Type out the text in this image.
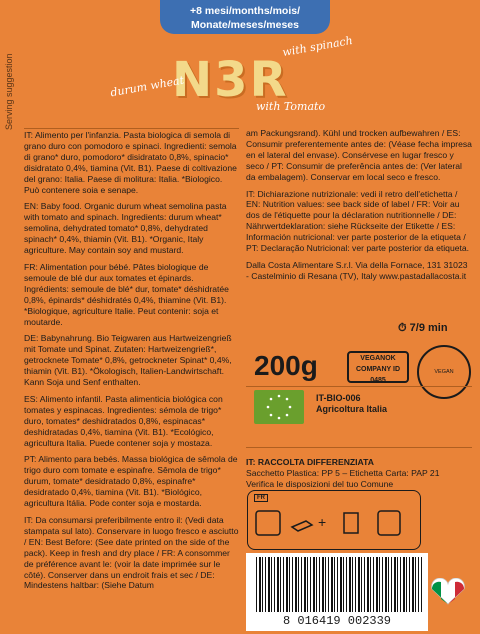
+8 mesi/months/mois/
Monate/meses/meses
Serving suggestion	N3R
with spinach
durum wheat
with Tomato

IT: Alimento per l'infanzia. Pasta biologica di semola di grano duro con pomodoro e spinaci. Ingredienti: semola di grano* duro, pomodoro* disidratato 0,8%, spinacio* disidratato 0,4%, tiamina (Vit. B1). Paese di coltivazione del grano: Italia. Paese di molitura: Italia. *Biologico. Può contenere soia e senape.

EN: Baby food. Organic durum wheat semolina pasta with tomato and spinach. Ingredients: durum wheat* semolina, dehydrated tomato* 0,8%, dehydrated spinach* 0,4%, thiamin (Vit. B1). *Organic, Italy agriculture. May contain soy and mustard.

FR: Alimentation pour bébé. Pâtes biologique de semoule de blé dur aux tomates et épinards. Ingrédients: semoule de blé* dur, tomate* déshidratée 0,8%, épinards* déshidratés 0,4%, thiamine (Vit. B1). *Biologique, agriculture Italie. Peut contenir: soja et moutarde.

DE: Babynahrung. Bio Teigwaren aus Hartweizengrieß mit Tomate und Spinat. Zutaten: Hartweizengrieß*, getrocknete Tomate* 0,8%, getrockneter Spinat* 0,4%, thiamin (Vit. B1). *Ökologisch, Italien-Landwirtschaft. Kann Soja und Senf enthalten.

ES: Alimento infantil. Pasta alimenticia biológica con tomates y espinacas. Ingredientes: sémola de trigo* duro, tomates* deshidratados 0,8%, espinacas* deshidratadas 0,4%, tiamina (Vit. B1). *Ecológico, agricultura Italia. Puede contener soja y mostaza.

PT: Alimento para bebés. Massa biológica de sêmola de trigo duro com tomate e espinafre. Sêmola de trigo* durum, tomate* desidratado 0,8%, espinafre* desidratado 0,4%, tiamina (Vit. B1). *Biológico, agricultura Itália. Pode conter soja e mostarda.

IT: Da consumarsi preferibilmente entro il: (Vedi data stampata sul lato). Conservare in luogo fresco e asciutto / EN: Best Before: (See date printed on the side of the pack). Keep in fresh and dry place / FR: A consommer de préférence avant le: (voir la date imprimée sur le côté). Conserver dans un endroit frais et sec / DE: Mindestens haltbar: (Siehe Datum

am Packungsrand). Kühl und trocken aufbewahren / ES: Consumir preferentemente antes de: (Véase fecha impresa en el lateral del envase). Consérvese en lugar fresco y seco / PT: Consumir de preferência antes de: (Ver lateral da embalagem). Conservar em local seco e fresco.

IT: Dichiarazione nutrizionale: vedi il retro dell'etichetta / EN: Nutrition values: see back side of label / FR: Voir au dos de l'étiquette pour la déclaration nutritionnelle / DE: Nährwertdeklaration: siehe Rückseite der Etikette / ES: Información nutricional: ver parte posterior de la etiqueta / PT: Declaração Nutricional: ver parte posterior da etiqueta.

Dalla Costa Alimentare S.r.l. Via della Fornace, 131 31023 - Castelminio di Resana (TV), Italy www.pastadallacosta.it

⏱ 7/9 min
200g	VEGANOK
COMPANY ID 0485
VEGAN
IT-BIO-006
Agricoltura Italia
IT: RACCOLTA DIFFERENZIATA
Sacchetto Plastica: PP 5 – Etichetta Carta: PAP 21
Verifica le disposizioni del tuo Comune
FR
+
8 016419 002339
